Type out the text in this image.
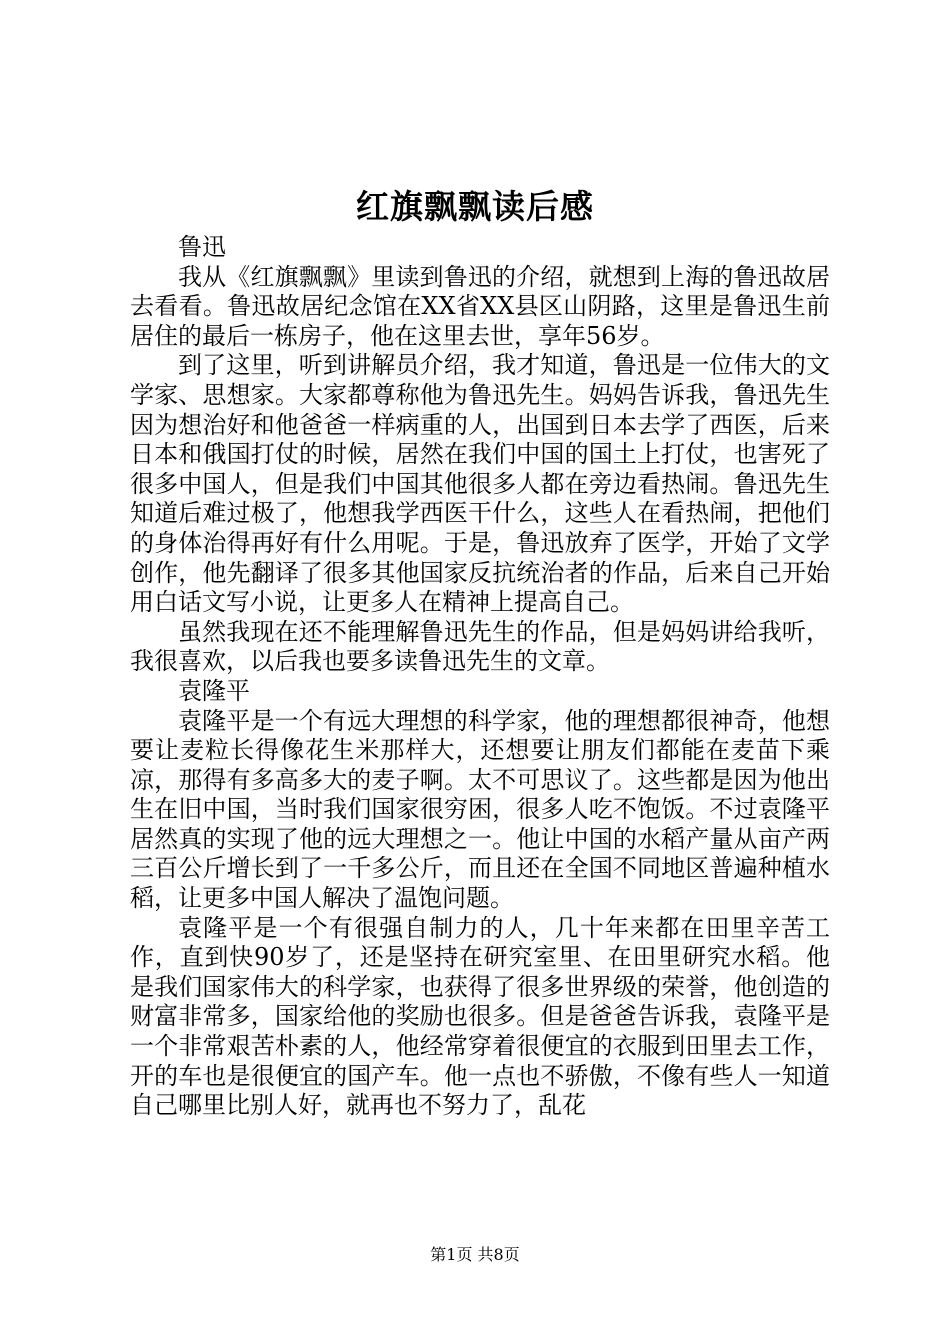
红旗飘飘读后感

鲁迅

我从《红旗飘飘》里读到鲁迅的介绍，就想到上海的鲁迅故居去看看。鲁迅故居纪念馆在XX省XX县区山阴路，这里是鲁迅生前居住的最后一栋房子，他在这里去世，享年56岁。

到了这里，听到讲解员介绍，我才知道，鲁迅是一位伟大的文学家、思想家。大家都尊称他为鲁迅先生。妈妈告诉我，鲁迅先生因为想治好和他爸爸一样病重的人，出国到日本去学了西医，后来日本和俄国打仗的时候，居然在我们中国的国土上打仗，也害死了很多中国人，但是我们中国其他很多人都在旁边看热闹。鲁迅先生知道后难过极了，他想我学西医干什么，这些人在看热闹，把他们的身体治得再好有什么用呢。于是，鲁迅放弃了医学，开始了文学创作，他先翻译了很多其他国家反抗统治者的作品，后来自己开始用白话文写小说，让更多人在精神上提高自己。

虽然我现在还不能理解鲁迅先生的作品，但是妈妈讲给我听，我很喜欢，以后我也要多读鲁迅先生的文章。

袁隆平

袁隆平是一个有远大理想的科学家，他的理想都很神奇，他想要让麦粒长得像花生米那样大，还想要让朋友们都能在麦苗下乘凉，那得有多高多大的麦子啊。太不可思议了。这些都是因为他出生在旧中国，当时我们国家很穷困，很多人吃不饱饭。不过袁隆平居然真的实现了他的远大理想之一。他让中国的水稻产量从亩产两三百公斤增长到了一千多公斤，而且还在全国不同地区普遍种植水稻，让更多中国人解决了温饱问题。

袁隆平是一个有很强自制力的人，几十年来都在田里辛苦工作，直到快90岁了，还是坚持在研究室里、在田里研究水稻。他是我们国家伟大的科学家，也获得了很多世界级的荣誉，他创造的财富非常多，国家给他的奖励也很多。但是爸爸告诉我，袁隆平是一个非常艰苦朴素的人，他经常穿着很便宜的衣服到田里去工作，开的车也是很便宜的国产车。他一点也不骄傲，不像有些人一知道自己哪里比别人好，就再也不努力了，乱花

第1页 共8页
